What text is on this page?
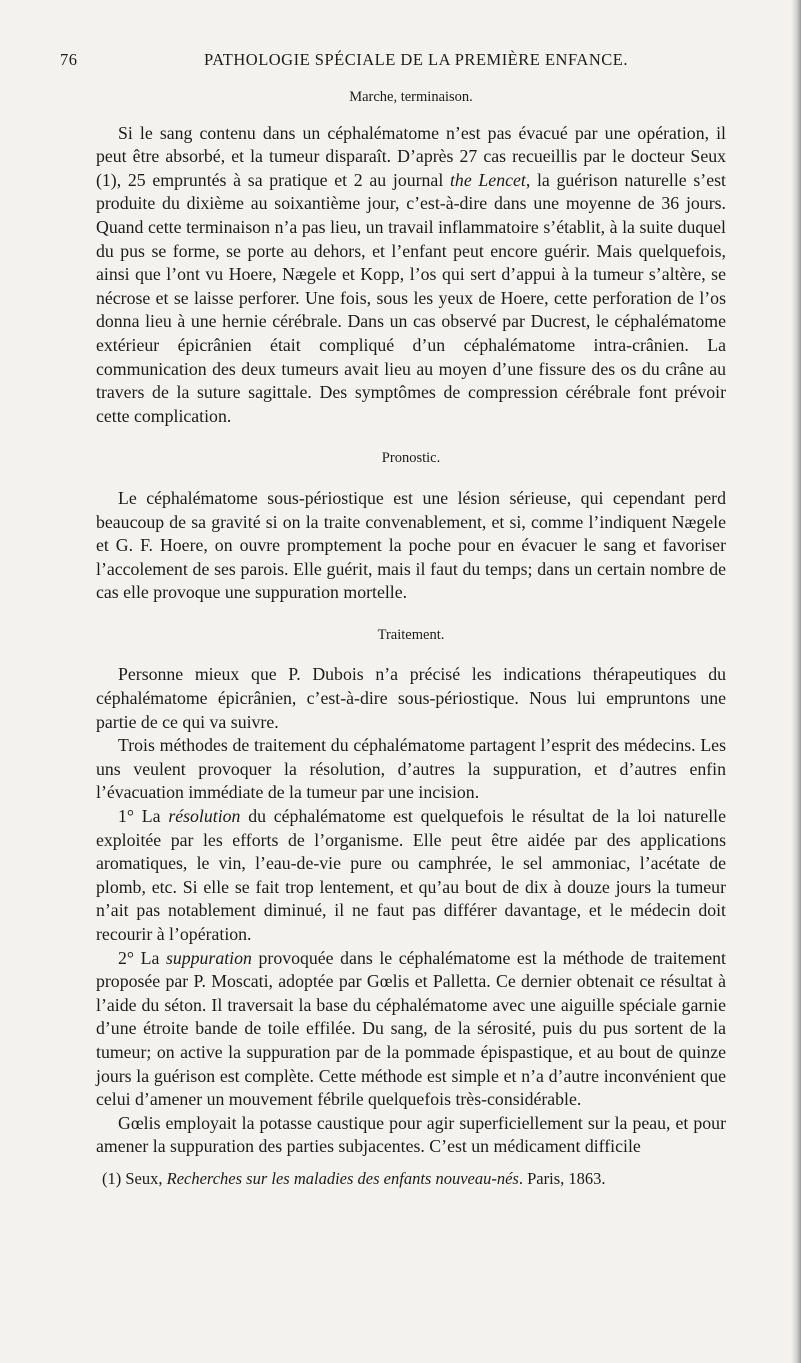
76	PATHOLOGIE SPÉCIALE DE LA PREMIÈRE ENFANCE.
Marche, terminaison.

Si le sang contenu dans un céphalématome n’est pas évacué par une opération, il peut être absorbé, et la tumeur disparaît. D’après 27 cas recueillis par le docteur Seux (1), 25 empruntés à sa pratique et 2 au journal the Lencet, la guérison naturelle s’est produite du dixième au soixantième jour, c’est-à-dire dans une moyenne de 36 jours. Quand cette terminaison n’a pas lieu, un travail inflammatoire s’établit, à la suite duquel du pus se forme, se porte au dehors, et l’enfant peut encore guérir. Mais quelquefois, ainsi que l’ont vu Hoere, Nægele et Kopp, l’os qui sert d’appui à la tumeur s’altère, se nécrose et se laisse perforer. Une fois, sous les yeux de Hoere, cette perforation de l’os donna lieu à une hernie cérébrale. Dans un cas observé par Ducrest, le céphalématome extérieur épicrânien était compliqué d’un céphalématome intra-crânien. La communication des deux tumeurs avait lieu au moyen d’une fissure des os du crâne au travers de la suture sagittale. Des symptômes de compression cérébrale font prévoir cette complication.

Pronostic.

Le céphalématome sous-périostique est une lésion sérieuse, qui cependant perd beaucoup de sa gravité si on la traite convenablement, et si, comme l’indiquent Nægele et G. F. Hoere, on ouvre promptement la poche pour en évacuer le sang et favoriser l’accolement de ses parois. Elle guérit, mais il faut du temps; dans un certain nombre de cas elle provoque une suppuration mortelle.

Traitement.

Personne mieux que P. Dubois n’a précisé les indications thérapeutiques du céphalématome épicrânien, c’est-à-dire sous-périostique. Nous lui empruntons une partie de ce qui va suivre.

Trois méthodes de traitement du céphalématome partagent l’esprit des médecins. Les uns veulent provoquer la résolution, d’autres la suppuration, et d’autres enfin l’évacuation immédiate de la tumeur par une incision.

1° La résolution du céphalématome est quelquefois le résultat de la loi naturelle exploitée par les efforts de l’organisme. Elle peut être aidée par des applications aromatiques, le vin, l’eau-de-vie pure ou camphrée, le sel ammoniac, l’acétate de plomb, etc. Si elle se fait trop lentement, et qu’au bout de dix à douze jours la tumeur n’ait pas notablement diminué, il ne faut pas différer davantage, et le médecin doit recourir à l’opération.

2° La suppuration provoquée dans le céphalématome est la méthode de traitement proposée par P. Moscati, adoptée par Gœlis et Palletta. Ce dernier obtenait ce résultat à l’aide du séton. Il traversait la base du céphalématome avec une aiguille spéciale garnie d’une étroite bande de toile effilée. Du sang, de la sérosité, puis du pus sortent de la tumeur; on active la suppuration par de la pommade épispastique, et au bout de quinze jours la guérison est complète. Cette méthode est simple et n’a d’autre inconvénient que celui d’amener un mouvement fébrile quelquefois très-considérable.

Gœlis employait la potasse caustique pour agir superficiellement sur la peau, et pour amener la suppuration des parties subjacentes. C’est un médicament difficile

(1) Seux, Recherches sur les maladies des enfants nouveau-nés. Paris, 1863.
